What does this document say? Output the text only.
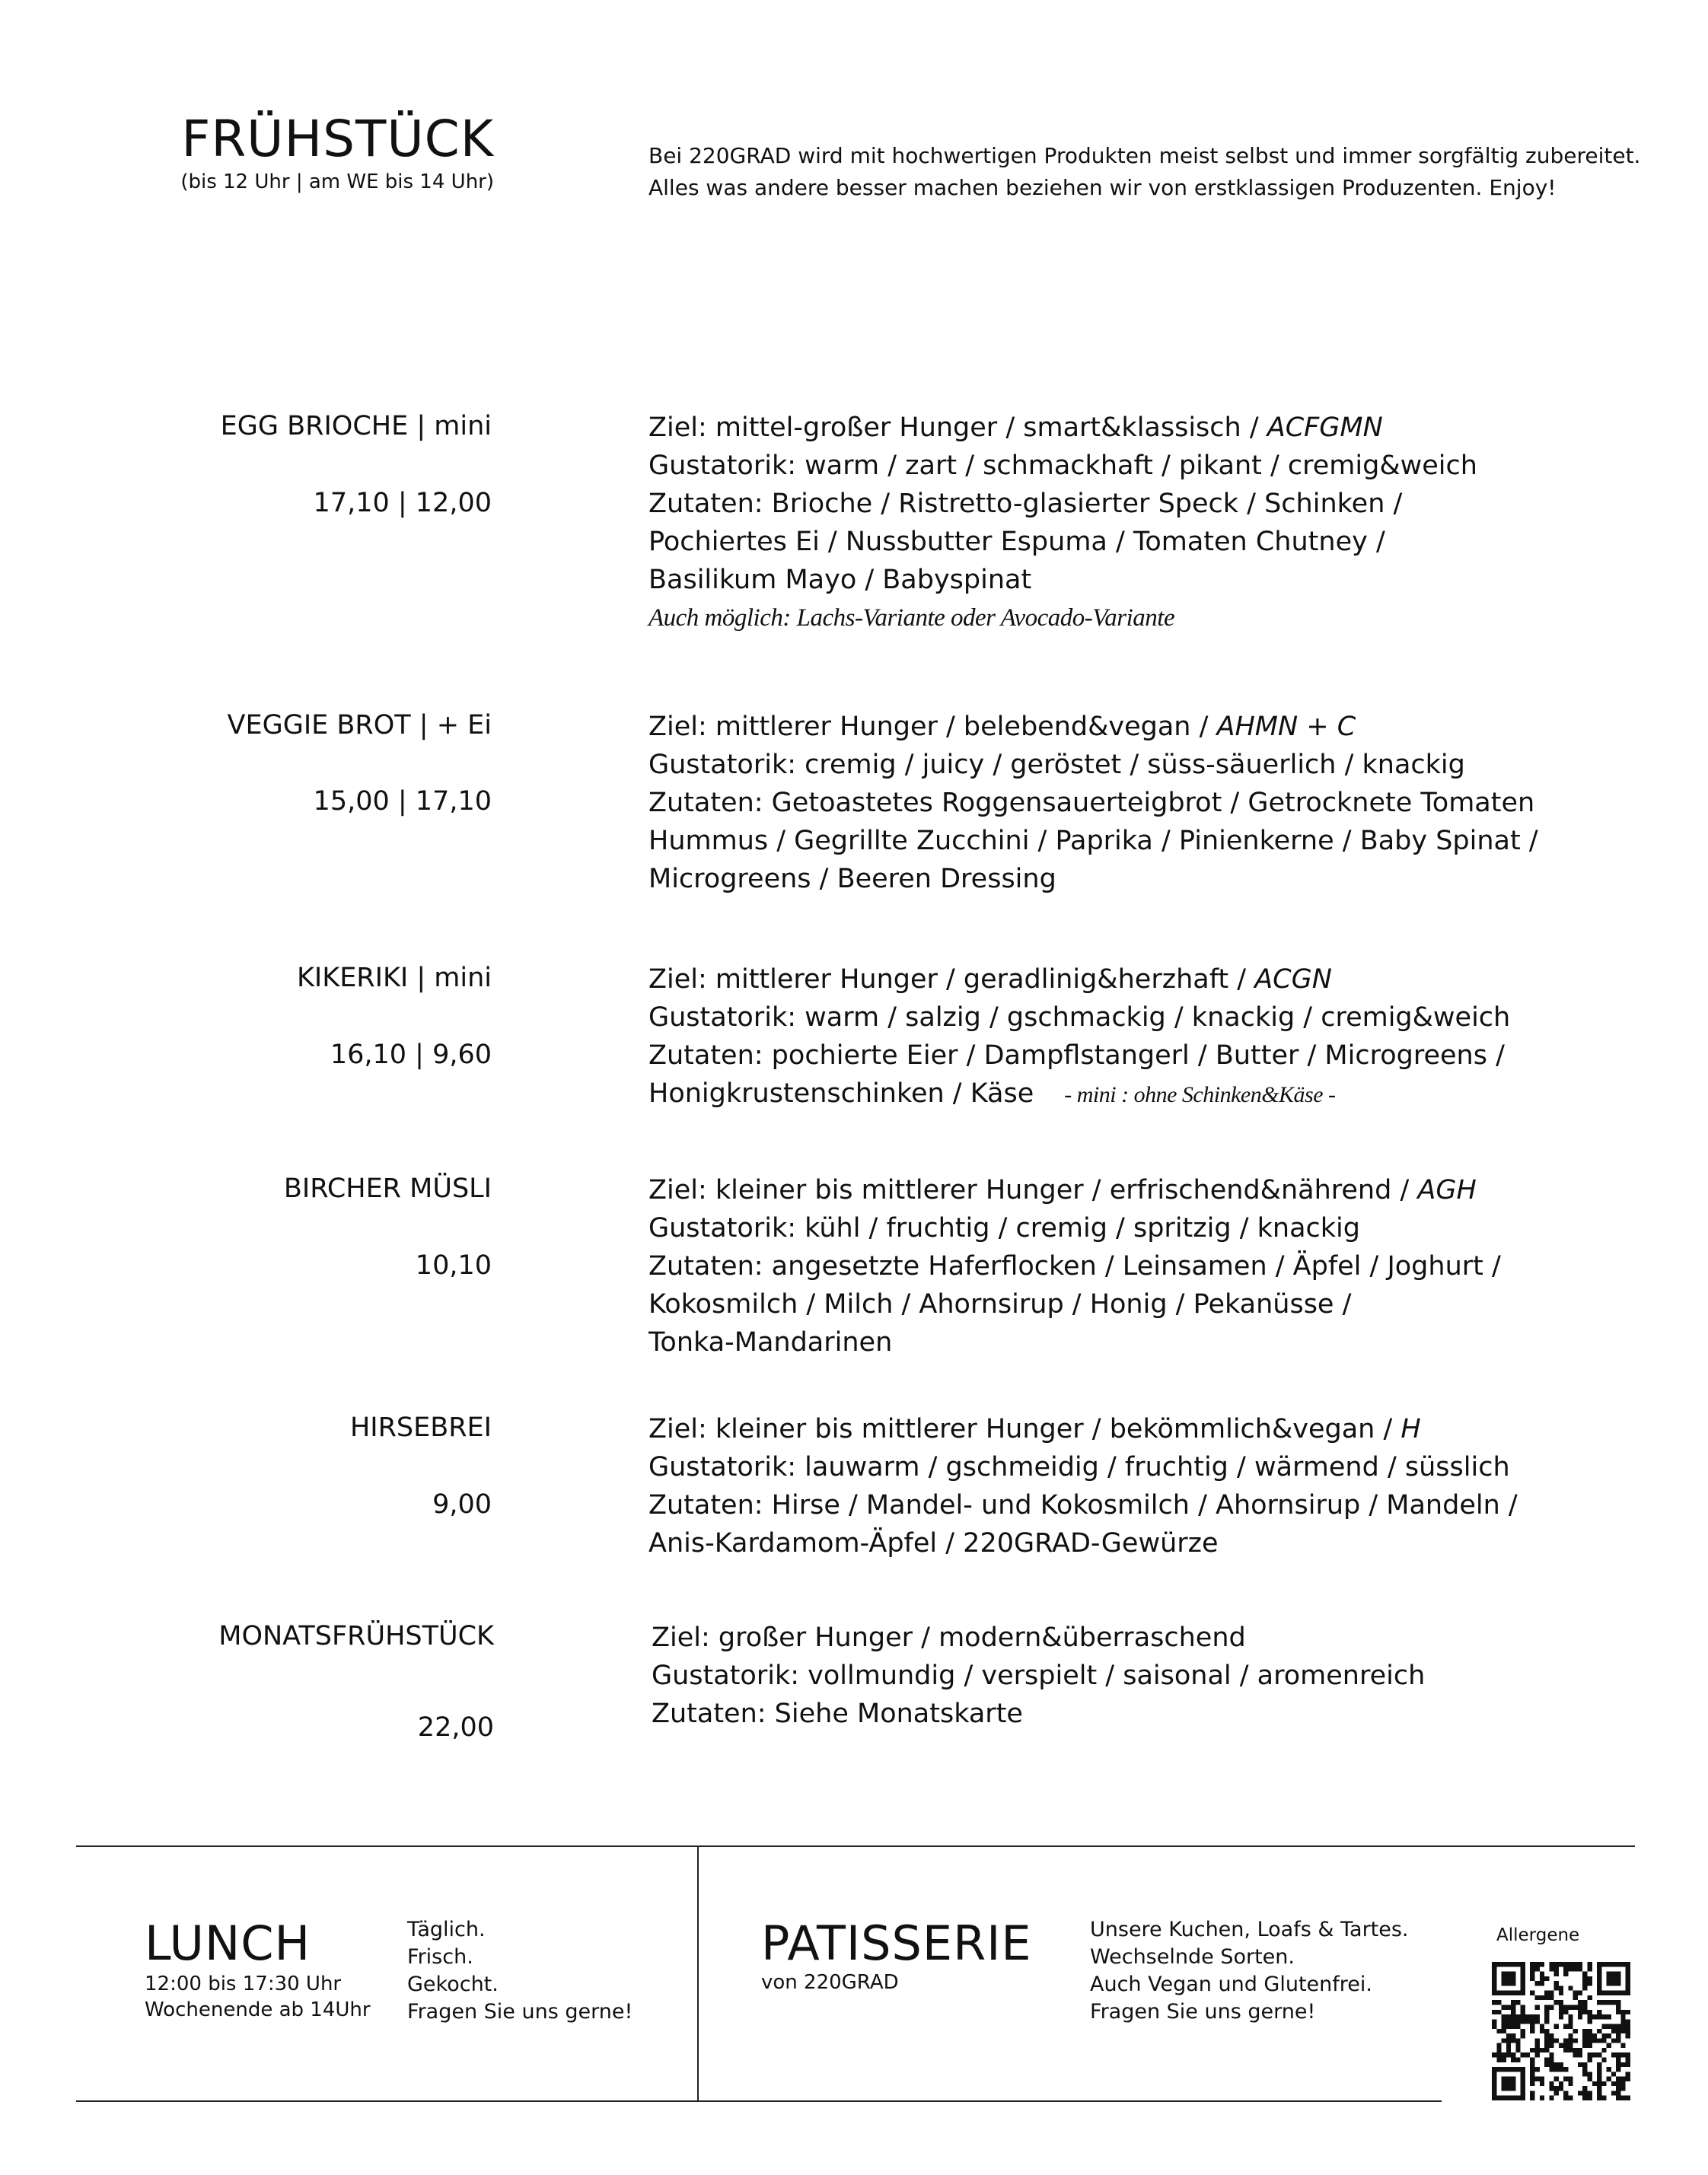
FRÜHSTÜCK
(bis 12 Uhr | am WE bis 14 Uhr)
Bei 220GRAD wird mit hochwertigen Produkten meist selbst und immer sorgfältig zubereitet.
Alles was andere besser machen beziehen wir von erstklassigen Produzenten. Enjoy!
EGG BRIOCHE | mini
17,10 | 12,00
Ziel: mittel-großer Hunger / smart&klassisch / ACFGMN
Gustatorik: warm / zart / schmackhaft / pikant / cremig&weich
Zutaten: Brioche / Ristretto-glasierter Speck / Schinken /
Pochiertes Ei / Nussbutter Espuma / Tomaten Chutney /
Basilikum Mayo / Babyspinat
Auch möglich: Lachs-Variante oder Avocado-Variante
VEGGIE BROT | + Ei
15,00 | 17,10
Ziel: mittlerer Hunger / belebend&vegan / AHMN + C
Gustatorik: cremig / juicy / geröstet / süss-säuerlich / knackig
Zutaten: Getoastetes Roggensauerteigbrot / Getrocknete Tomaten
Hummus / Gegrillte Zucchini / Paprika / Pinienkerne / Baby Spinat /
Microgreens / Beeren Dressing
KIKERIKI | mini
16,10 | 9,60
Ziel: mittlerer Hunger / geradlinig&herzhaft / ACGN
Gustatorik: warm / salzig / gschmackig / knackig / cremig&weich
Zutaten: pochierte Eier / Dampflstangerl / Butter / Microgreens /
Honigkrustenschinken / Käse - mini : ohne Schinken&Käse -
BIRCHER MÜSLI
10,10
Ziel: kleiner bis mittlerer Hunger / erfrischend&nährend / AGH
Gustatorik: kühl / fruchtig / cremig / spritzig / knackig
Zutaten: angesetzte Haferflocken / Leinsamen / Äpfel / Joghurt /
Kokosmilch / Milch / Ahornsirup / Honig / Pekanüsse /
Tonka-Mandarinen
HIRSEBREI
9,00
Ziel: kleiner bis mittlerer Hunger / bekömmlich&vegan / H
Gustatorik: lauwarm / gschmeidig / fruchtig / wärmend / süsslich
Zutaten: Hirse / Mandel- und Kokosmilch / Ahornsirup / Mandeln /
Anis-Kardamom-Äpfel / 220GRAD-Gewürze
MONATSFRÜHSTÜCK
22,00
Ziel: großer Hunger / modern&überraschend
Gustatorik: vollmundig / verspielt / saisonal / aromenreich
Zutaten: Siehe Monatskarte
LUNCH
12:00 bis 17:30 Uhr
Wochenende ab 14Uhr
Täglich.
Frisch.
Gekocht.
Fragen Sie uns gerne!
PATISSERIE
von 220GRAD
Unsere Kuchen, Loafs & Tartes.
Wechselnde Sorten.
Auch Vegan und Glutenfrei.
Fragen Sie uns gerne!
Allergene
